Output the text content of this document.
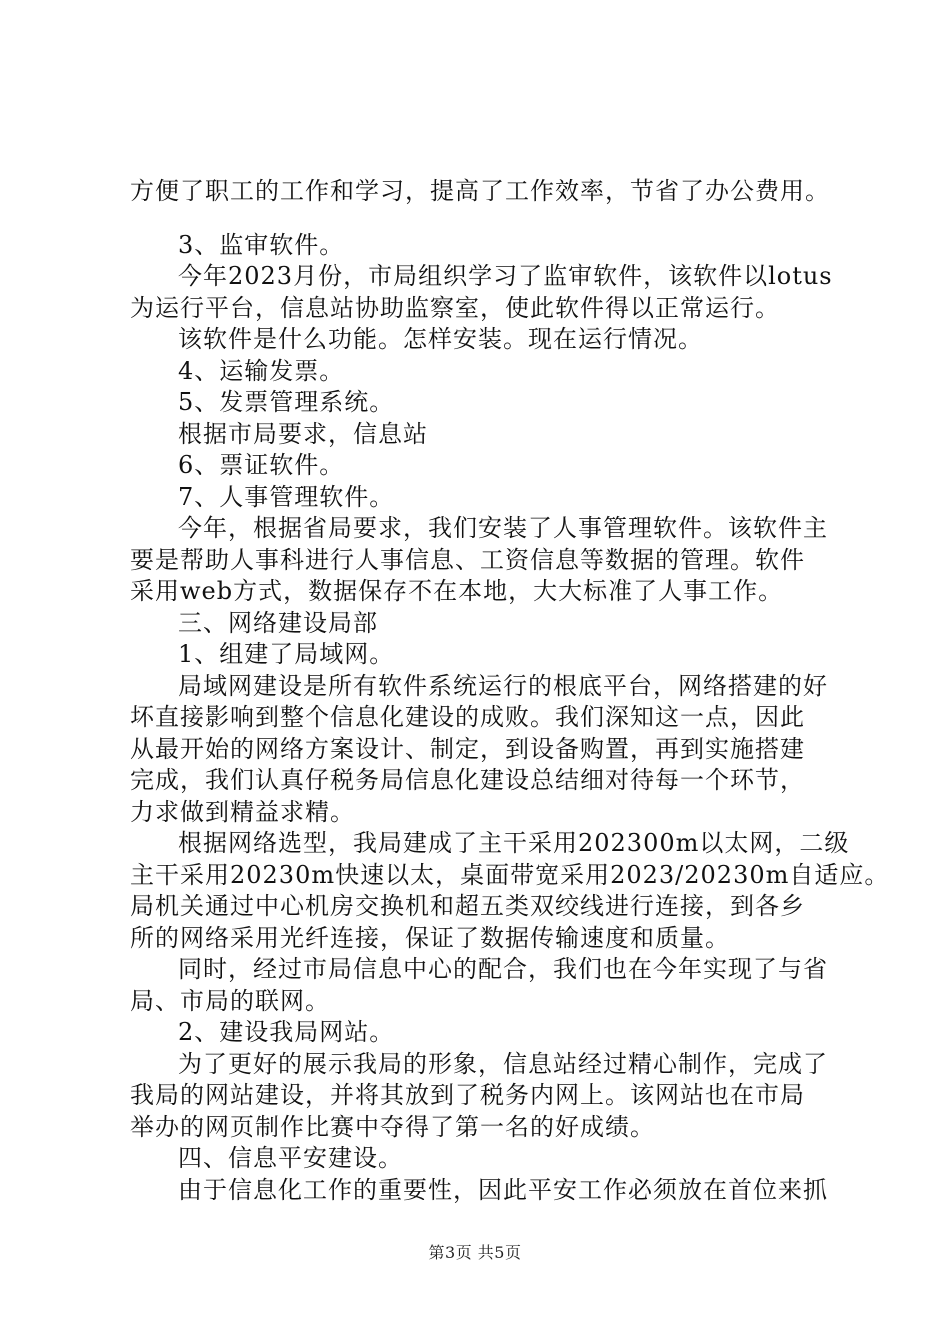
方便了职工的工作和学习，提高了工作效率，节省了办公费用。
3、监审软件。
今年2023月份，市局组织学习了监审软件，该软件以lotus
为运行平台，信息站协助监察室，使此软件得以正常运行。
该软件是什么功能。怎样安装。现在运行情况。
4、运输发票。
5、发票管理系统。
根据市局要求，信息站
6、票证软件。
7、人事管理软件。
今年，根据省局要求，我们安装了人事管理软件。该软件主
要是帮助人事科进行人事信息、工资信息等数据的管理。软件
采用web方式，数据保存不在本地，大大标准了人事工作。
三、网络建设局部
1、组建了局域网。
局域网建设是所有软件系统运行的根底平台，网络搭建的好
坏直接影响到整个信息化建设的成败。我们深知这一点，因此
从最开始的网络方案设计、制定，到设备购置，再到实施搭建
完成，我们认真仔税务局信息化建设总结细对待每一个环节，
力求做到精益求精。
根据网络选型，我局建成了主干采用202300m以太网，二级
主干采用20230m快速以太，桌面带宽采用2023/20230m自适应。
局机关通过中心机房交换机和超五类双绞线进行连接，到各乡
所的网络采用光纤连接，保证了数据传输速度和质量。
同时，经过市局信息中心的配合，我们也在今年实现了与省
局、市局的联网。
2、建设我局网站。
为了更好的展示我局的形象，信息站经过精心制作，完成了
我局的网站建设，并将其放到了税务内网上。该网站也在市局
举办的网页制作比赛中夺得了第一名的好成绩。
四、信息平安建设。
由于信息化工作的重要性，因此平安工作必须放在首位来抓
第3页 共5页
